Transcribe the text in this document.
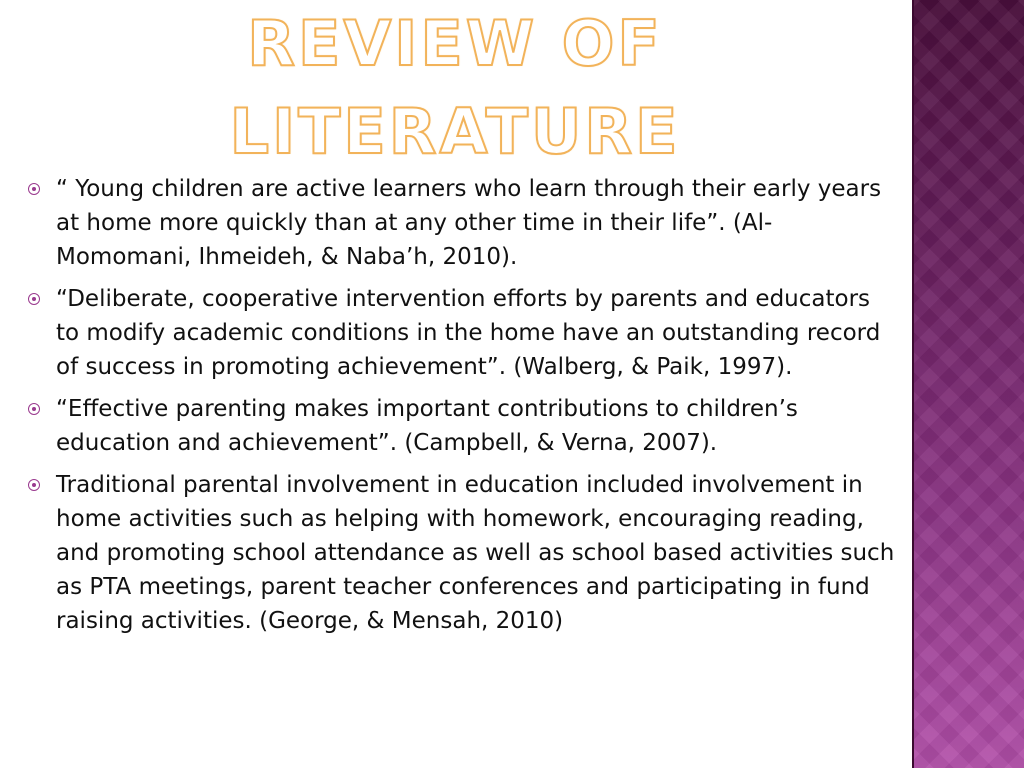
REVIEW OF
LITERATURE
“ Young children are active learners who learn through their early years at home more quickly than at any other time in their life”. (Al-Momomani, Ihmeideh, & Naba’h, 2010).
“Deliberate, cooperative intervention efforts by parents and educators to modify academic conditions in the home have an outstanding record of success in promoting achievement”. (Walberg, & Paik, 1997).
“Effective parenting makes important contributions to children’s education and achievement”. (Campbell, & Verna, 2007).
Traditional parental involvement in education included involvement in home activities such as helping with homework, encouraging reading, and promoting school attendance as well as school based activities such as PTA meetings, parent teacher conferences and participating in fund raising activities. (George, & Mensah, 2010)
